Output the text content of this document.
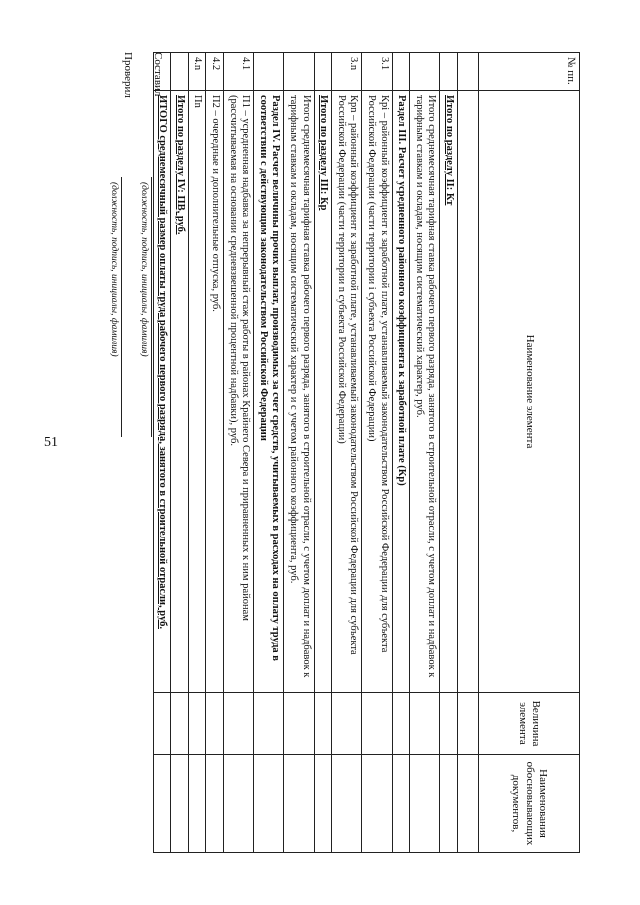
51
№ пп.	Наименование элемента	Величина элемента	Наименования обосновывающих документов,

	Итого по разделу II: Кт		
	Итого среднемесячная тарифная ставка рабочего первого разряда, занятого в строительной отрасли, с учетом доплат и надбавок к тарифным ставкам и окладам, носящим систематический характер, руб.		
	Раздел III. Расчет усредненного районного коэффициента к заработной плате (Кр)		
3.1	Крi – районный коэффициент к заработной плате, устанавливаемый законодательством Российской Федерации для субъекта Российской Федерации (части территории i субъекта Российской Федерации)		
3.n	Крn – районный коэффициент к заработной плате, устанавливаемый законодательством Российской Федерации для субъекта Российской Федерации (части территории n субъекта Российской Федерации)		
	Итого по разделу III: Кр		
	Итого среднемесячная тарифная ставка рабочего первого разряда, занятого в строительной отрасли, с учетом доплат и надбавок к тарифным ставкам и окладам, носящим систематический характер и с учетом районного коэффициента, руб.		
	Раздел IV. Расчет величины прочих выплат, производимых за счет средств, учитываемых в расходах на оплату труда в соответствии с действующим законодательством Российской Федерации		
4.1	П1 – усредненная надбавка за непрерывный стаж работы в районах Крайнего Севера и приравненных к ним районам (рассчитываемая на основании средневзвешенной процентной надбавки), руб.		
4.2	П2 – очередные и дополнительные отпуска, руб.		
4.n	Пn		
	Итого по разделу IV: ПВ, руб.		
	ИТОГО среднемесячный размер оплаты труда рабочего первого разряда, занятого в строительной отрасли, руб.		
Составил
(должность, подпись, инициалы, фамилия)
Проверил
(должность, подпись, инициалы, фамилия)
